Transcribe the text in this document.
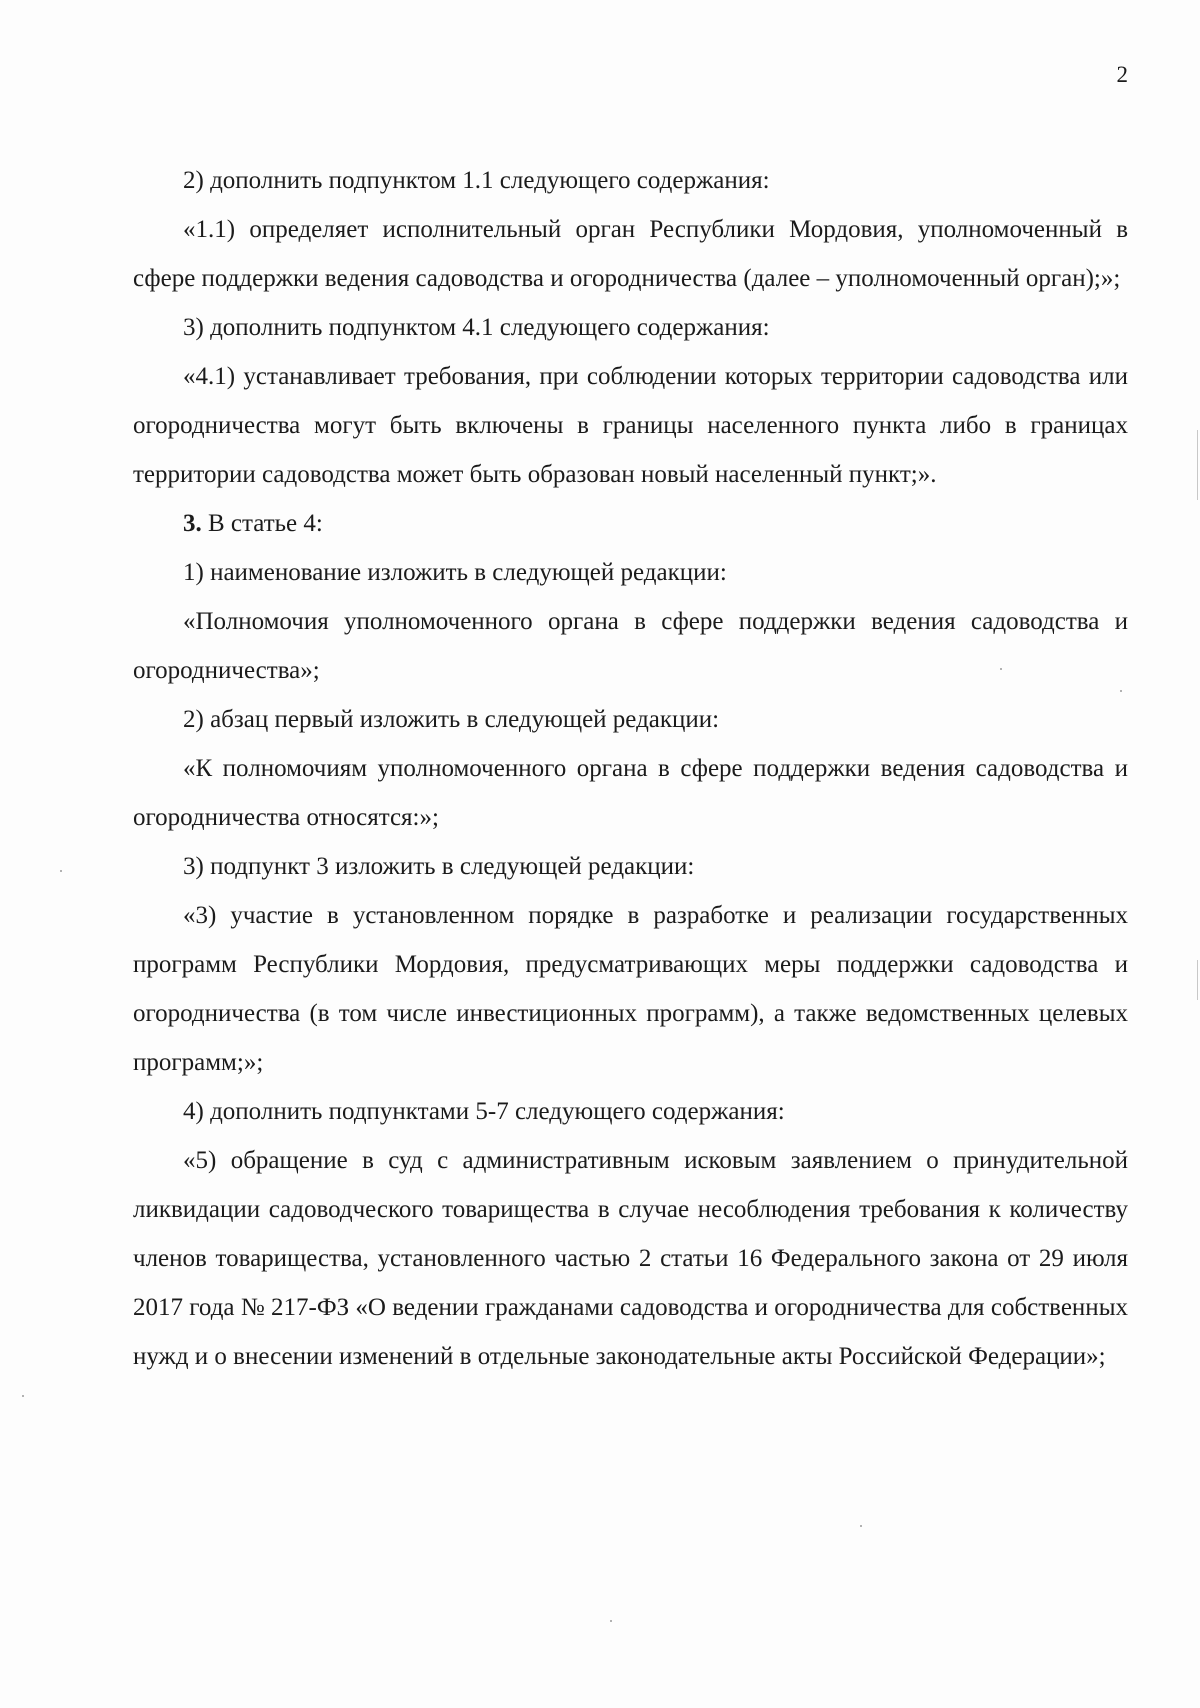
2

2) дополнить подпунктом 1.1 следующего содержания:

«1.1) определяет исполнительный орган Республики Мордовия, уполномоченный в сфере поддержки ведения садоводства и огородничества (далее – уполномоченный орган);»;

3) дополнить подпунктом 4.1 следующего содержания:

«4.1) устанавливает требования, при соблюдении которых территории садоводства или огородничества могут быть включены в границы населенного пункта либо в границах территории садоводства может быть образован новый населенный пункт;».

3. В статье 4:

1) наименование изложить в следующей редакции:

«Полномочия уполномоченного органа в сфере поддержки ведения садоводства и огородничества»;

2) абзац первый изложить в следующей редакции:

«К полномочиям уполномоченного органа в сфере поддержки ведения садоводства и огородничества относятся:»;

3) подпункт 3 изложить в следующей редакции:

«3) участие в установленном порядке в разработке и реализации государственных программ Республики Мордовия, предусматривающих меры поддержки садоводства и огородничества (в том числе инвестиционных программ), а также ведомственных целевых программ;»;

4) дополнить подпунктами 5-7 следующего содержания:

«5) обращение в суд с административным исковым заявлением о принудительной ликвидации садоводческого товарищества в случае несоблюдения требования к количеству членов товарищества, установленного частью 2 статьи 16 Федерального закона от 29 июля 2017 года № 217-ФЗ «О ведении гражданами садоводства и огородничества для собственных нужд и о внесении изменений в отдельные законодательные акты Российской Федерации»;
